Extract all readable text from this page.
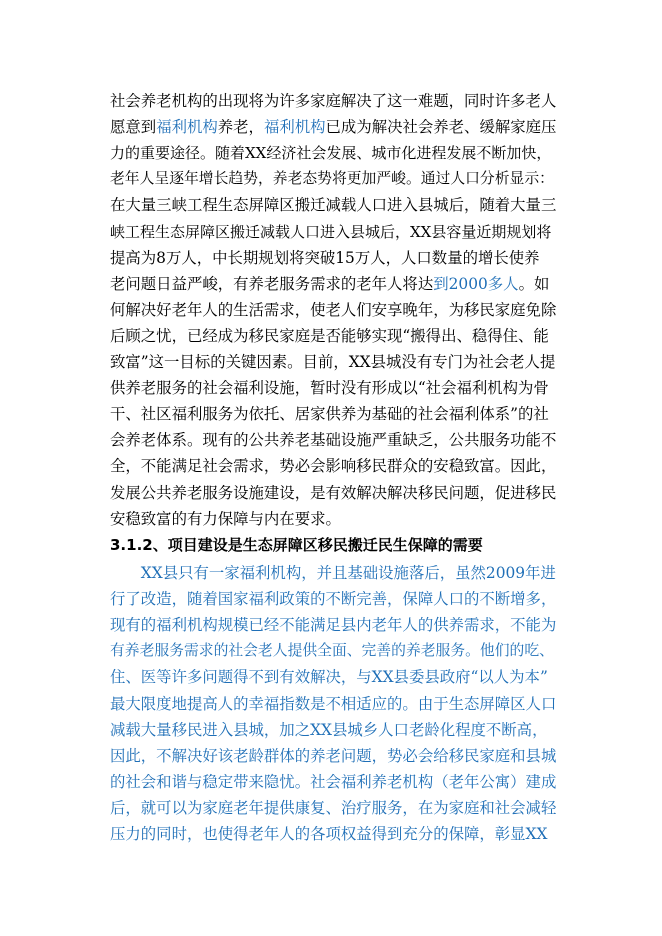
社会养老机构的出现将为许多家庭解决了这一难题，同时许多老人
愿意到福利机构养老，福利机构已成为解决社会养老、缓解家庭压
力的重要途径。随着XX经济社会发展、城市化进程发展不断加快，
老年人呈逐年增长趋势，养老态势将更加严峻。通过人口分析显示：
在大量三峡工程生态屏障区搬迁减载人口进入县城后，随着大量三
峡工程生态屏障区搬迁减载人口进入县城后，XX县容量近期规划将
提高为8万人，中长期规划将突破15万人，人口数量的增长使养
老问题日益严峻，有养老服务需求的老年人将达到2000多人。如
何解决好老年人的生活需求，使老人们安享晚年，为移民家庭免除
后顾之忧，已经成为移民家庭是否能够实现“搬得出、稳得住、能
致富”这一目标的关键因素。目前，XX县城没有专门为社会老人提
供养老服务的社会福利设施，暂时没有形成以“社会福利机构为骨
干、社区福利服务为依托、居家供养为基础的社会福利体系”的社
会养老体系。现有的公共养老基础设施严重缺乏，公共服务功能不
全，不能满足社会需求，势必会影响移民群众的安稳致富。因此，
发展公共养老服务设施建设，是有效解决解决移民问题，促进移民
安稳致富的有力保障与内在要求。
3.1.2、项目建设是生态屏障区移民搬迁民生保障的需要
　　XX县只有一家福利机构，并且基础设施落后，虽然2009年进
行了改造，随着国家福利政策的不断完善，保障人口的不断增多，
现有的福利机构规模已经不能满足县内老年人的供养需求，不能为
有养老服务需求的社会老人提供全面、完善的养老服务。他们的吃、
住、医等许多问题得不到有效解决，与XX县委县政府“以人为本”
最大限度地提高人的幸福指数是不相适应的。由于生态屏障区人口
减载大量移民进入县城，加之XX县城乡人口老龄化程度不断高，
因此，不解决好该老龄群体的养老问题，势必会给移民家庭和县城
的社会和谐与稳定带来隐忧。社会福利养老机构（老年公寓）建成
后，就可以为家庭老年提供康复、治疗服务，在为家庭和社会减轻
压力的同时，也使得老年人的各项权益得到充分的保障，彰显XX
